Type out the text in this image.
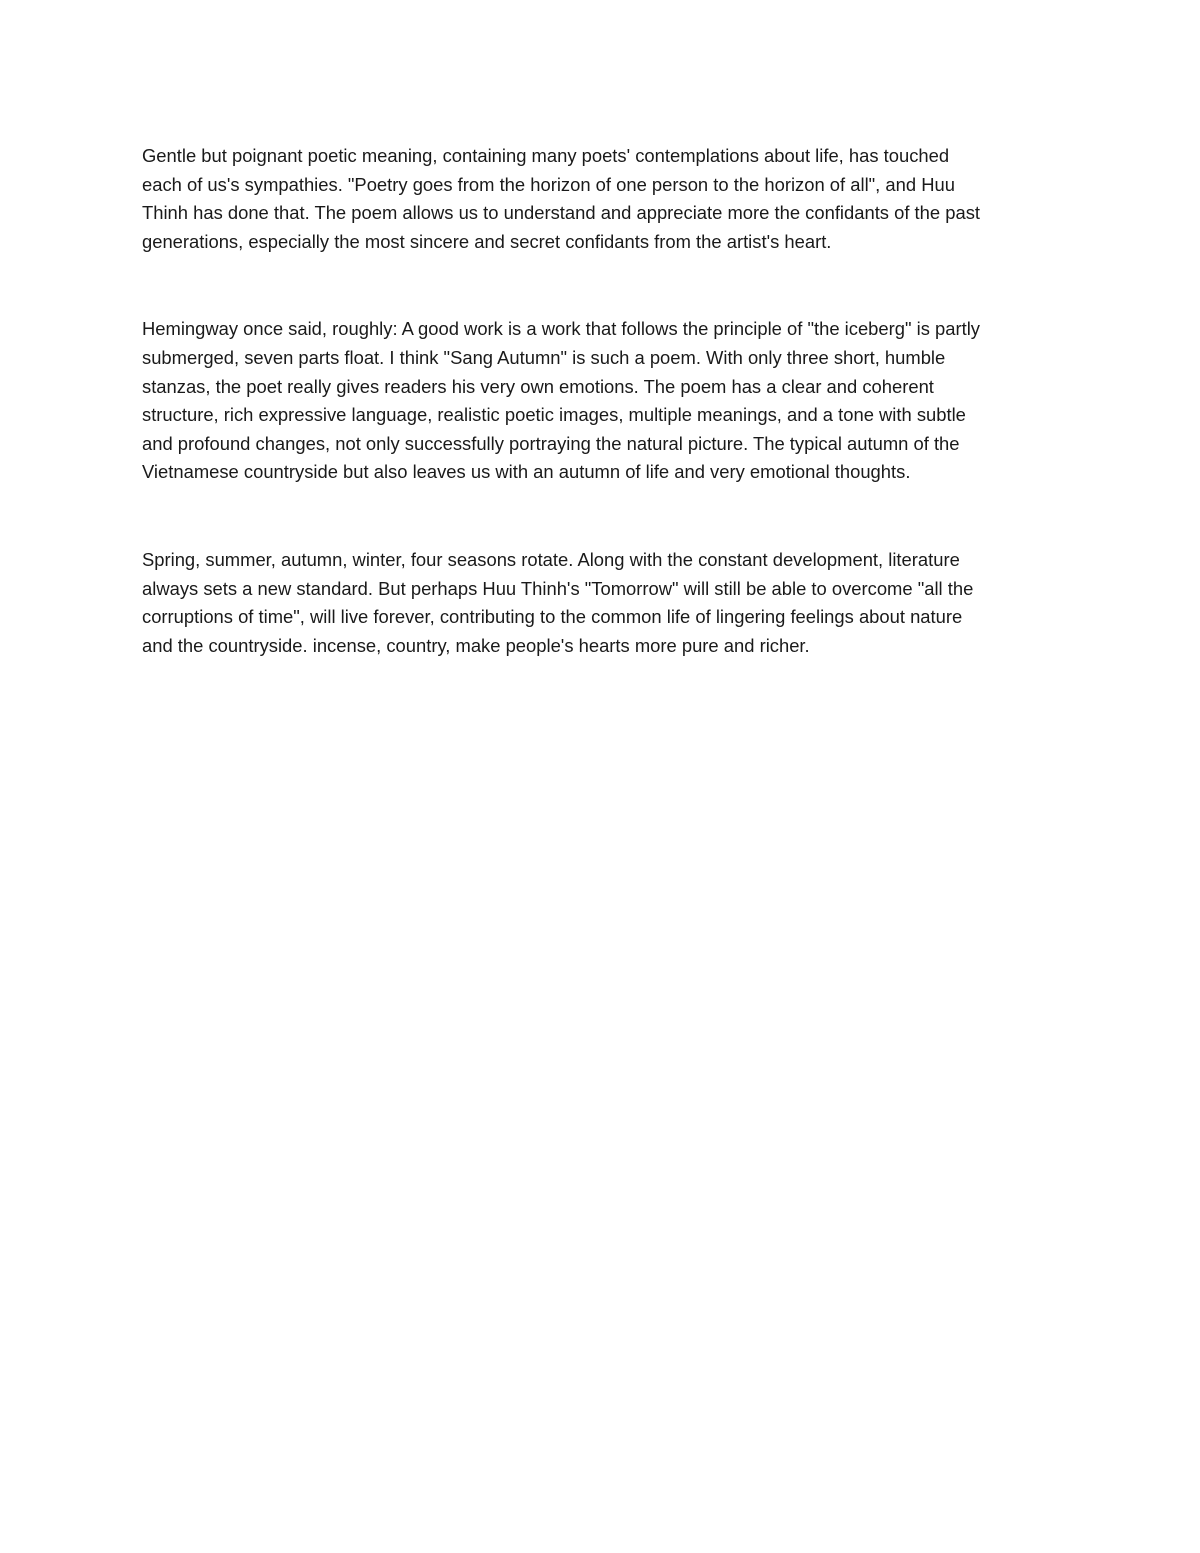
Gentle but poignant poetic meaning, containing many poets' contemplations about life, has touched
each of us's sympathies. "Poetry goes from the horizon of one person to the horizon of all", and Huu
Thinh has done that. The poem allows us to understand and appreciate more the confidants of the past
generations, especially the most sincere and secret confidants from the artist's heart.

Hemingway once said, roughly: A good work is a work that follows the principle of "the iceberg" is partly
submerged, seven parts float. I think "Sang Autumn" is such a poem. With only three short, humble
stanzas, the poet really gives readers his very own emotions. The poem has a clear and coherent
structure, rich expressive language, realistic poetic images, multiple meanings, and a tone with subtle
and profound changes, not only successfully portraying the natural picture. The typical autumn of the
Vietnamese countryside but also leaves us with an autumn of life and very emotional thoughts.

Spring, summer, autumn, winter, four seasons rotate. Along with the constant development, literature
always sets a new standard. But perhaps Huu Thinh's "Tomorrow" will still be able to overcome "all the
corruptions of time", will live forever, contributing to the common life of lingering feelings about nature
and the countryside. incense, country, make people's hearts more pure and richer.
